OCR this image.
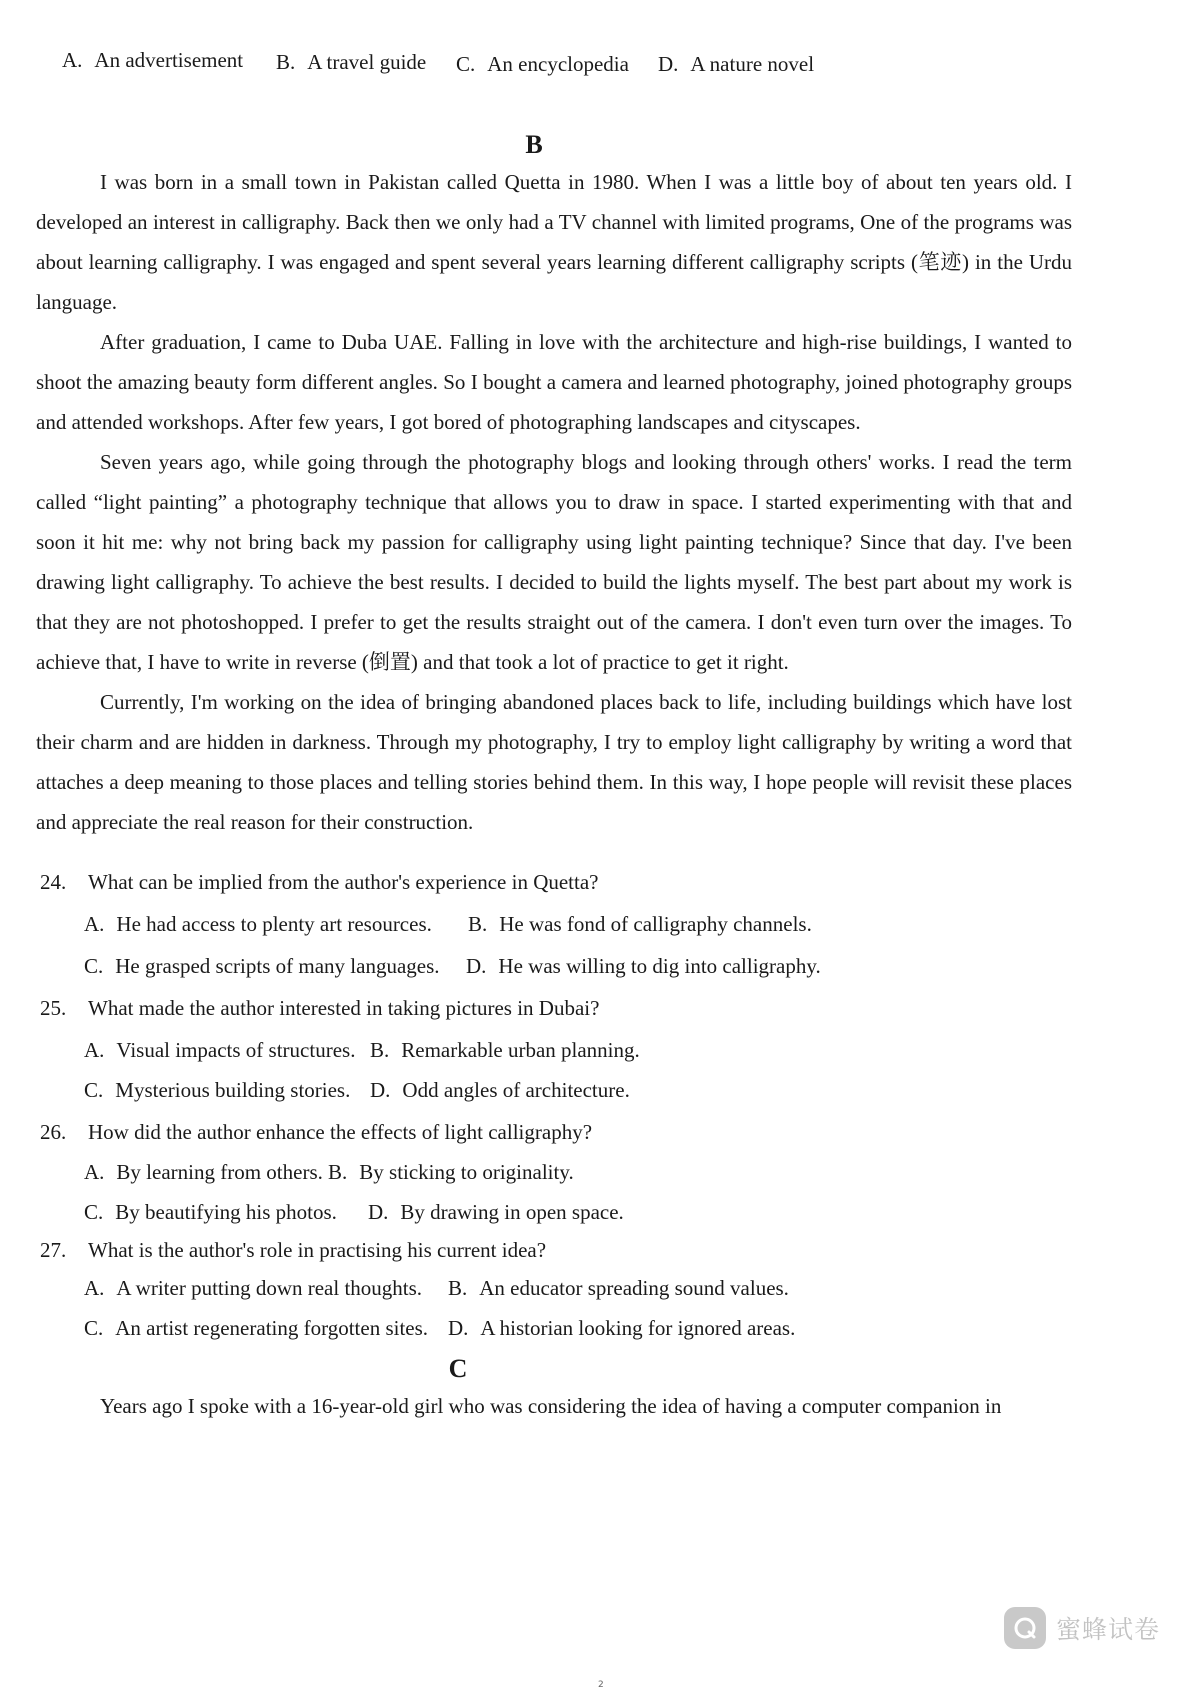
A. An advertisement B. A travel guide C. An encyclopedia D. A nature novel
B

I was born in a small town in Pakistan called Quetta in 1980. When I was a little boy of about ten years old. I developed an interest in calligraphy. Back then we only had a TV channel with limited programs, One of the programs was about learning calligraphy. I was engaged and spent several years learning different calligraphy scripts (笔迹) in the Urdu language.

After graduation, I came to Duba UAE. Falling in love with the architecture and high-rise buildings, I wanted to shoot the amazing beauty form different angles. So I bought a camera and learned photography, joined photography groups and attended workshops. After few years, I got bored of photographing landscapes and cityscapes.

Seven years ago, while going through the photography blogs and looking through others' works. I read the term called “light painting” a photography technique that allows you to draw in space. I started experimenting with that and soon it hit me: why not bring back my passion for calligraphy using light painting technique? Since that day. I've been drawing light calligraphy. To achieve the best results. I decided to build the lights myself. The best part about my work is that they are not photoshopped. I prefer to get the results straight out of the camera. I don't even turn over the images. To achieve that, I have to write in reverse (倒置) and that took a lot of practice to get it right.

Currently, I'm working on the idea of bringing abandoned places back to life, including buildings which have lost their charm and are hidden in darkness. Through my photography, I try to employ light calligraphy by writing a word that attaches a deep meaning to those places and telling stories behind them. In this way, I hope people will revisit these places and appreciate the real reason for their construction.

24. What can be implied from the author's experience in Quetta?
A. He had access to plenty art resources. B. He was fond of calligraphy channels.
C. He grasped scripts of many languages. D. He was willing to dig into calligraphy.
25. What made the author interested in taking pictures in Dubai?
A. Visual impacts of structures. B. Remarkable urban planning.
C. Mysterious building stories. D. Odd angles of architecture.
26. How did the author enhance the effects of light calligraphy?
A. By learning from others. B. By sticking to originality.
C. By beautifying his photos. D. By drawing in open space.
27. What is the author's role in practising his current idea?
A. A writer putting down real thoughts. B. An educator spreading sound values.
C. An artist regenerating forgotten sites. D. A historian looking for ignored areas.
C

Years ago I spoke with a 16-year-old girl who was considering the idea of having a computer companion in

蜜蜂试卷
2
